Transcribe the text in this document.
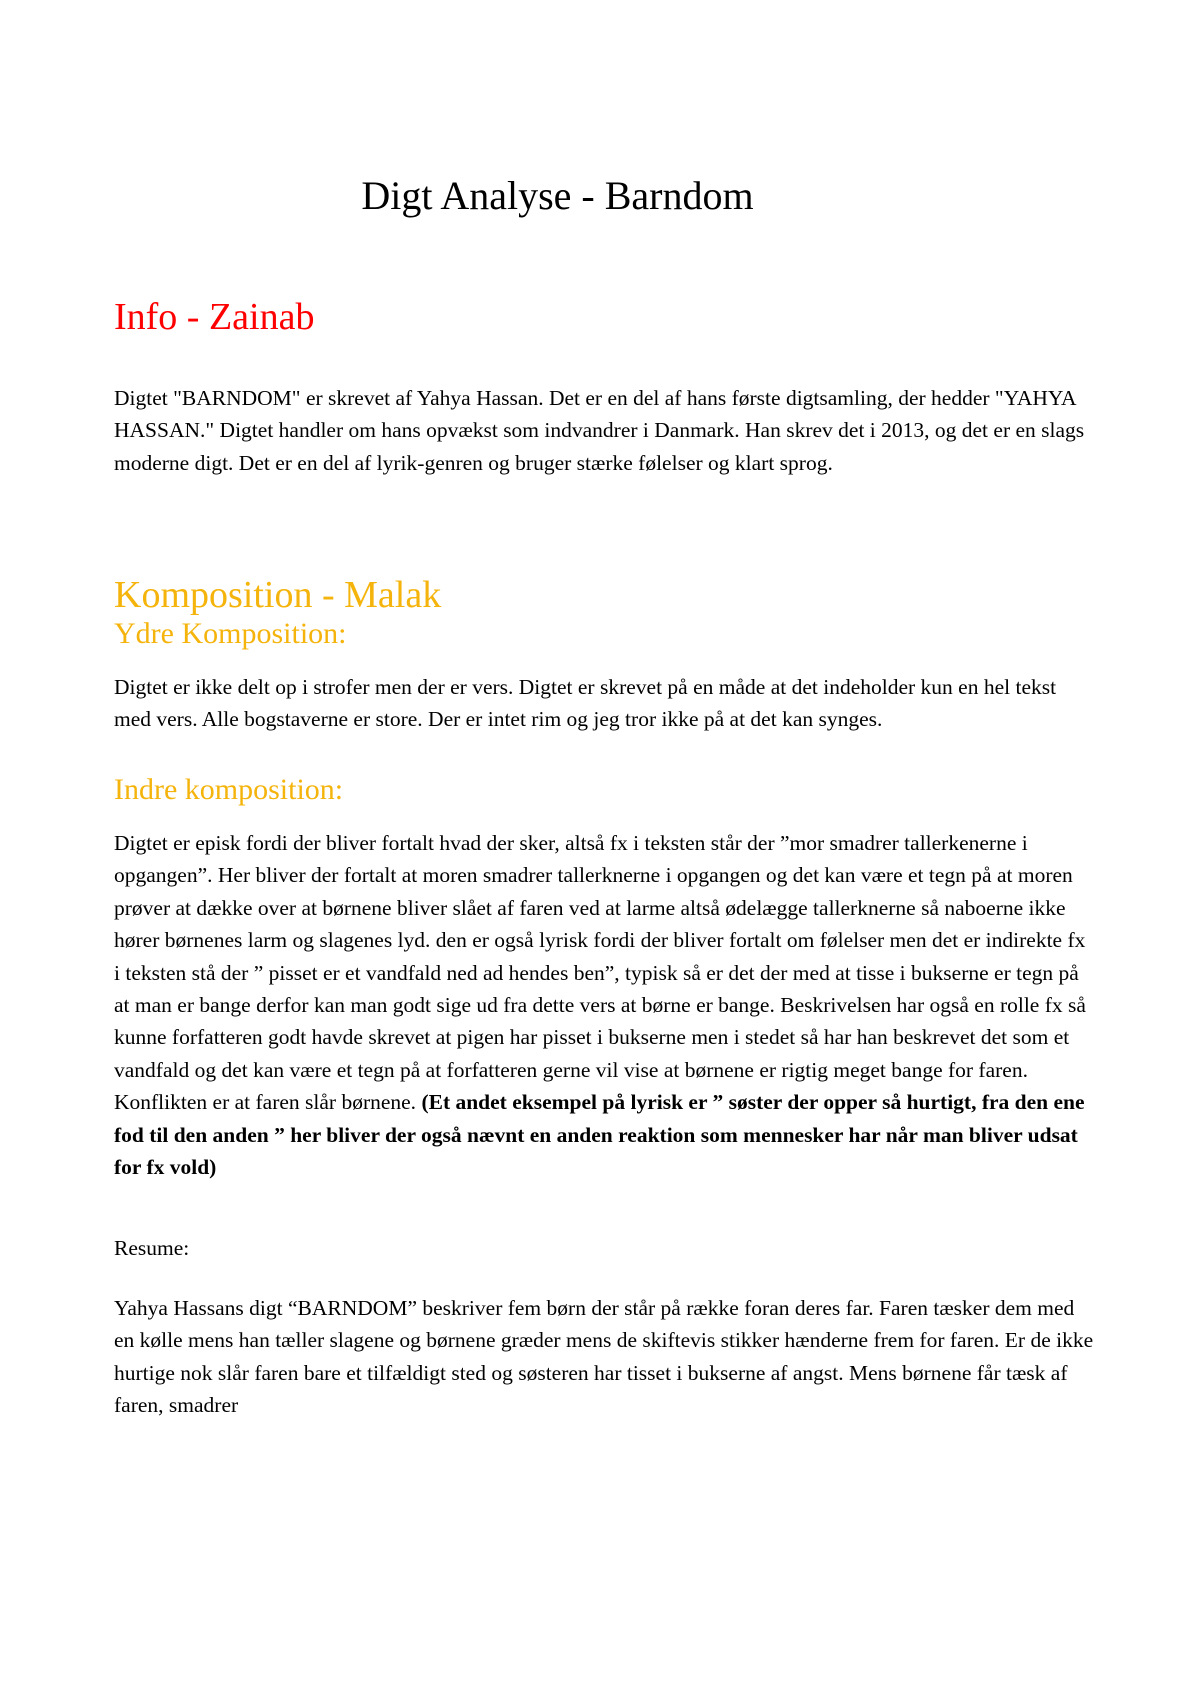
Digt Analyse - Barndom
Info - Zainab

Digtet "BARNDOM" er skrevet af Yahya Hassan. Det er en del af hans første digtsamling, der hedder "YAHYA HASSAN." Digtet handler om hans opvækst som indvandrer i Danmark. Han skrev det i 2013, og det er en slags moderne digt. Det er en del af lyrik-genren og bruger stærke følelser og klart sprog.

Komposition - Malak
Ydre Komposition:

Digtet er ikke delt op i strofer men der er vers. Digtet er skrevet på en måde at det indeholder kun en hel tekst med vers. Alle bogstaverne er store. Der er intet rim og jeg tror ikke på at det kan synges.

Indre komposition:

Digtet er episk fordi der bliver fortalt hvad der sker, altså fx i teksten står der ”mor smadrer tallerkenerne i opgangen”. Her bliver der fortalt at moren smadrer tallerknerne i opgangen og det kan være et tegn på at moren prøver at dække over at børnene bliver slået af faren ved at larme altså ødelægge tallerknerne så naboerne ikke hører børnenes larm og slagenes lyd. den er også lyrisk fordi der bliver fortalt om følelser men det er indirekte fx i teksten stå der ” pisset er et vandfald ned ad hendes ben”, typisk så er det der med at tisse i bukserne er tegn på at man er bange derfor kan man godt sige ud fra dette vers at børne er bange. Beskrivelsen har også en rolle fx så kunne forfatteren godt havde skrevet at pigen har pisset i bukserne men i stedet så har han beskrevet det som et vandfald og det kan være et tegn på at forfatteren gerne vil vise at børnene er rigtig meget bange for faren. Konflikten er at faren slår børnene. (Et andet eksempel på lyrisk er ” søster der opper så hurtigt, fra den ene fod til den anden ” her bliver der også nævnt en anden reaktion som mennesker har når man bliver udsat for fx vold)

Resume:

Yahya Hassans digt “BARNDOM” beskriver fem børn der står på række foran deres far. Faren tæsker dem med en kølle mens han tæller slagene og børnene græder mens de skiftevis stikker hænderne frem for faren. Er de ikke hurtige nok slår faren bare et tilfældigt sted og søsteren har tisset i bukserne af angst. Mens børnene får tæsk af faren, smadrer
